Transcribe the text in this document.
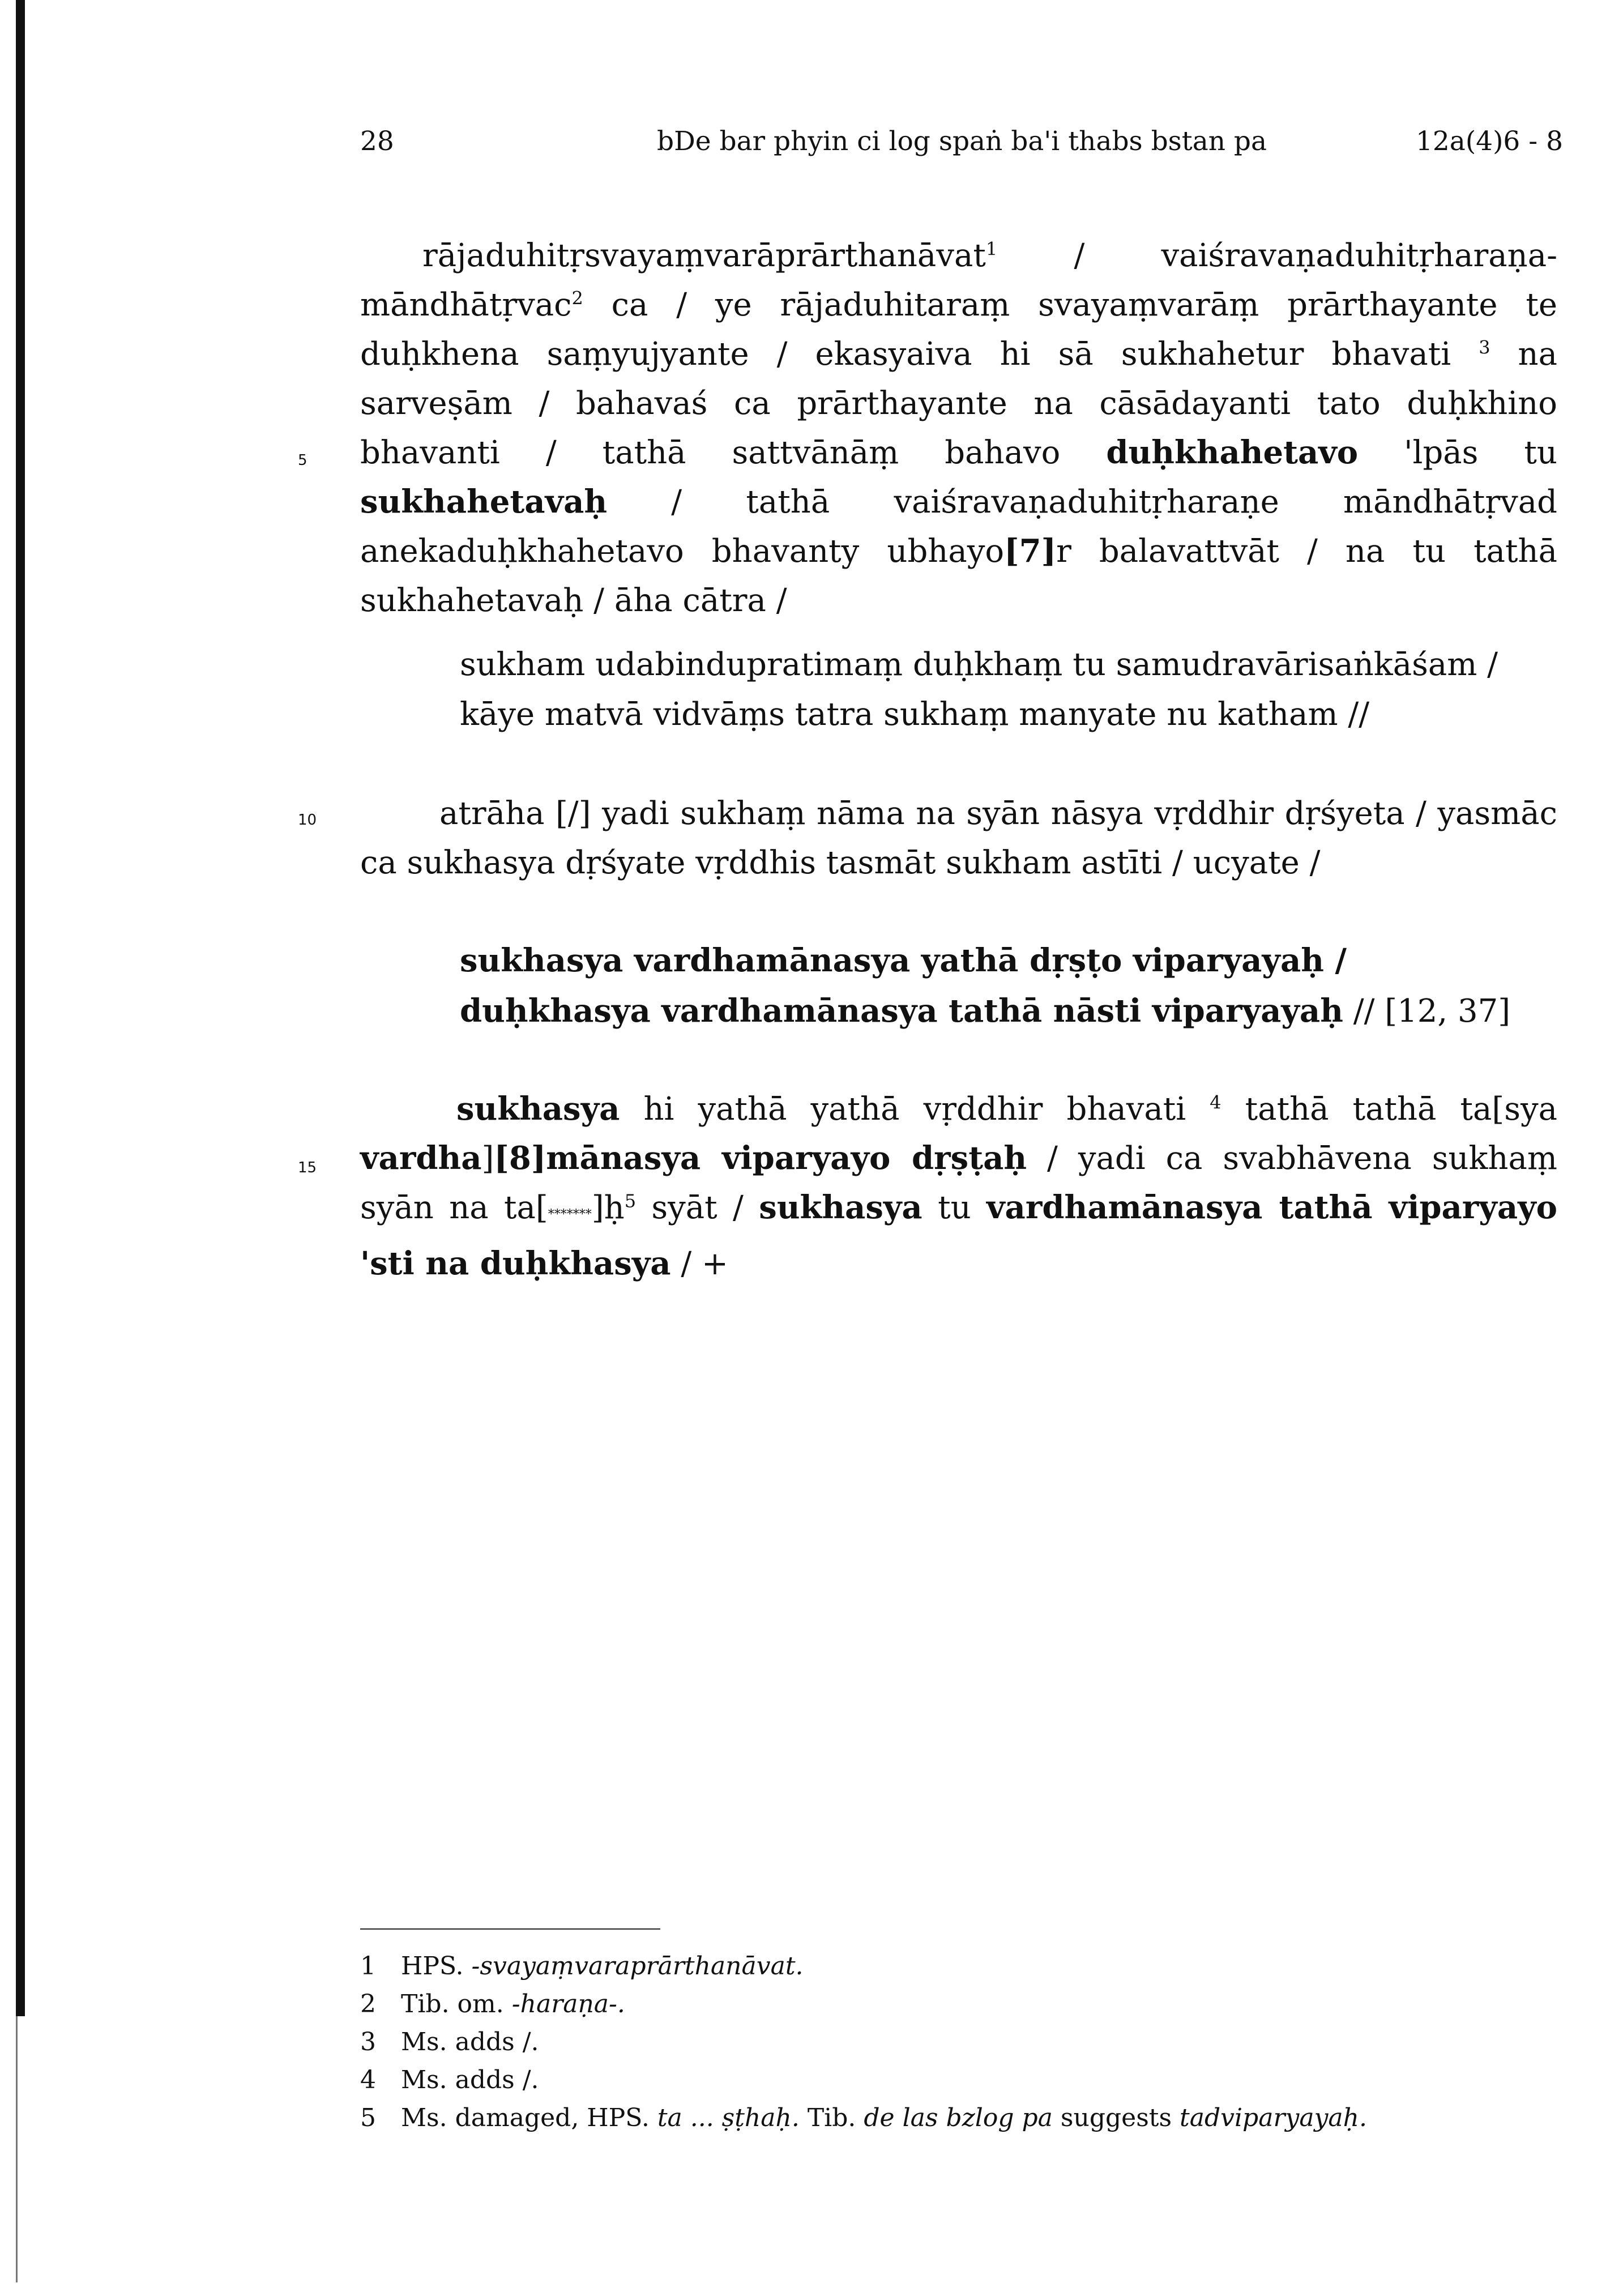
28	bDe bar phyin ci log spaṅ ba'i thabs bstan pa	12a(4)6 - 8
5
10
15

rājaduhitṛsvayaṃvarāprārthanāvat$^1$ / vaiśravaṇaduhitṛharaṇa-māndhātṛvac$^2$ ca / ye rājaduhitaraṃ svayaṃvarāṃ prārthayante te duḥkhena saṃyujyante / ekasyaiva hi sā sukhahetur bhavati $^3$ na sarveṣām / bahavaś ca prārthayante na cāsādayanti tato duḥkhino bhavanti / tathā sattvānāṃ bahavo duḥkhahetavo 'lpās tu sukhahetavaḥ / tathā vaiśravaṇaduhitṛharaṇe māndhātṛvad anekaduḥkhahetavo bhavanty ubhayo[7]r balavattvāt / na tu tathā sukhahetavaḥ / āha cātra /

sukham udabindupratimaṃ duḥkhaṃ tu samudravārisaṅkāśam /
kāye matvā vidvāṃs tatra sukhaṃ manyate nu katham //

atrāha [/] yadi sukhaṃ nāma na syān nāsya vṛddhir dṛśyeta / yasmāc ca sukhasya dṛśyate vṛddhis tasmāt sukham astīti / ucyate /

sukhasya vardhamānasya yathā dṛṣṭo viparyayaḥ /
duḥkhasya vardhamānasya tathā nāsti viparyayaḥ // [12, 37]

sukhasya hi yathā yathā vṛddhir bhavati $^4$ tathā tathā ta[sya vardha][8]mānasya viparyayo dṛṣṭaḥ / yadi ca svabhāvena sukhaṃ syān na ta[*******]ḥ$^5$ syāt / sukhasya tu vardhamānasya tathā viparyayo 'sti na duḥkhasya / +

1 HPS. -svayaṃvaraprārthanāvat.
2 Tib. om. -haraṇa-.
3 Ms. adds /.
4 Ms. adds /.
5 Ms. damaged, HPS. ta ... ṣṭhaḥ. Tib. de las bzlog pa suggests tadviparyayaḥ.
